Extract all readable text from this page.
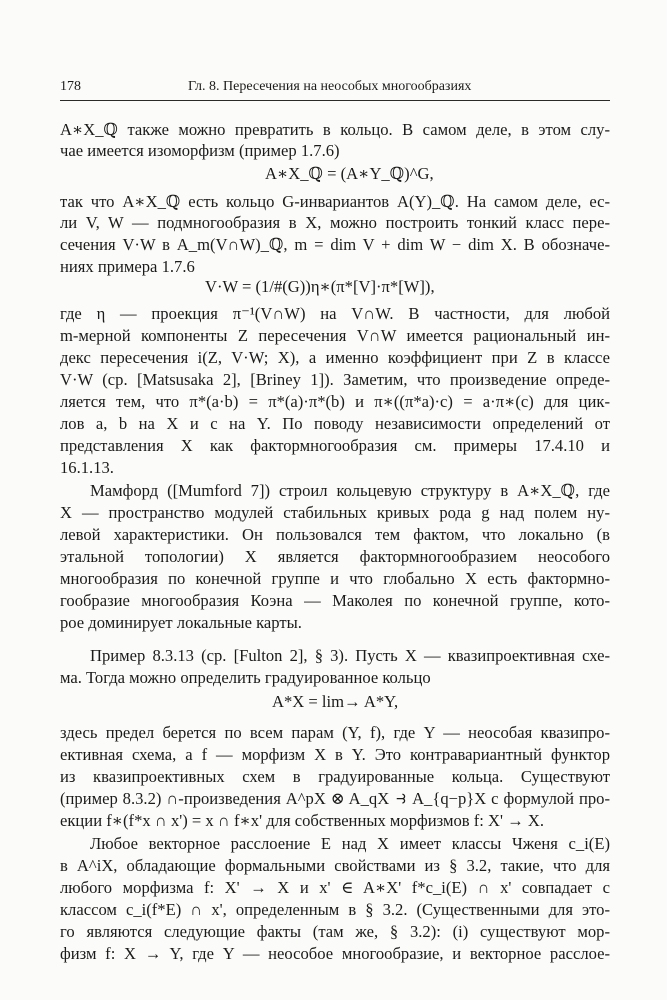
178	Гл. 8. Пересечения на неособых многообразиях
A∗X_ℚ также можно превратить в кольцо. В самом деле, в этом слу-
чае имеется изоморфизм (пример 1.7.6)
A∗X_ℚ = (A∗Y_ℚ)^G,
так что A∗X_ℚ есть кольцо G-инвариантов A(Y)_ℚ. На самом деле, ес-
ли V, W — подмногообразия в X, можно построить тонкий класс пере-
сечения V·W в A_m(V∩W)_ℚ, m = dim V + dim W − dim X. В обозначе-
ниях примера 1.7.6
V·W = (1/#(G))η∗(π*[V]·π*[W]),
где η — проекция π⁻¹(V∩W) на V∩W. В частности, для любой
m-мерной компоненты Z пересечения V∩W имеется рациональный ин-
декс пересечения i(Z, V·W; X), а именно коэффициент при Z в классе
V·W (ср. [Matsusaka 2], [Briney 1]). Заметим, что произведение опреде-
ляется тем, что π*(a·b) = π*(a)·π*(b) и π∗((π*a)·c) = a·π∗(c) для цик-
лов a, b на X и с на Y. По поводу независимости определений от
представления X как фактормногообразия см. примеры 17.4.10 и
16.1.13.
Мамфорд ([Mumford 7]) строил кольцевую структуру в A∗X_ℚ, где
X — пространство модулей стабильных кривых рода g над полем ну-
левой характеристики. Он пользовался тем фактом, что локально (в
этальной топологии) X является фактормногообразием неособого
многообразия по конечной группе и что глобально X есть фактормно-
гообразие многообразия Коэна — Маколея по конечной группе, кото-
рое доминирует локальные карты.
Пример 8.3.13 (ср. [Fulton 2], § 3). Пусть X — квазипроективная схе-
ма. Тогда можно определить градуированное кольцо
A*X = lim→ A*Y,
здесь предел берется по всем парам (Y, f), где Y — неособая квазипро-
ективная схема, а f — морфизм X в Y. Это контравариантный функтор
из квазипроективных схем в градуированные кольца. Существуют
(пример 8.3.2) ∩-произведения A^pX ⊗ A_qX ⥽ A_{q−p}X с формулой про-
екции f∗(f*x ∩ x') = x ∩ f∗x' для собственных морфизмов f: X' → X.
Любое векторное расслоение E над X имеет классы Чженя c_i(E)
в A^iX, обладающие формальными свойствами из § 3.2, такие, что для
любого морфизма f: X' → X и x' ∈ A∗X' f*c_i(E) ∩ x' совпадает с
классом c_i(f*E) ∩ x', определенным в § 3.2. (Существенными для это-
го являются следующие факты (там же, § 3.2): (i) существуют мор-
физм f: X → Y, где Y — неособое многообразие, и векторное расслое-
